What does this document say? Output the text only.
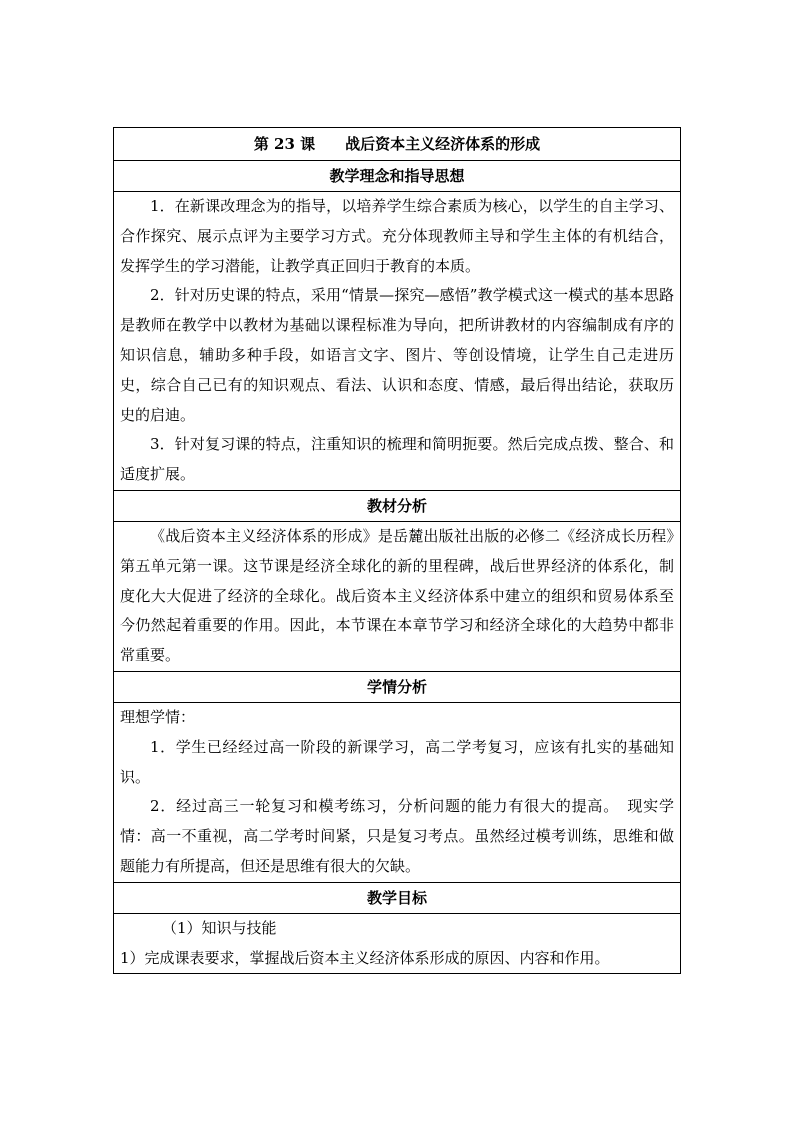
第 23 课 战后资本主义经济体系的形成
教学理念和指导思想

1．在新课改理念为的指导，以培养学生综合素质为核心，以学生的自主学习、合作探究、展示点评为主要学习方式。充分体现教师主导和学生主体的有机结合，发挥学生的学习潜能，让教学真正回归于教育的本质。

2．针对历史课的特点，采用“情景—探究—感悟”教学模式这一模式的基本思路是教师在教学中以教材为基础以课程标准为导向，把所讲教材的内容编制成有序的知识信息，辅助多种手段，如语言文字、图片、等创设情境，让学生自己走进历史，综合自己已有的知识观点、看法、认识和态度、情感，最后得出结论，获取历史的启迪。

3．针对复习课的特点，注重知识的梳理和简明扼要。然后完成点拨、整合、和适度扩展。

教材分析

《战后资本主义经济体系的形成》是岳麓出版社出版的必修二《经济成长历程》第五单元第一课。这节课是经济全球化的新的里程碑，战后世界经济的体系化，制度化大大促进了经济的全球化。战后资本主义经济体系中建立的组织和贸易体系至今仍然起着重要的作用。因此，本节课在本章节学习和经济全球化的大趋势中都非常重要。

学情分析

理想学情：

1．学生已经经过高一阶段的新课学习，高二学考复习，应该有扎实的基础知识。

2．经过高三一轮复习和模考练习，分析问题的能力有很大的提高。　现实学情：高一不重视，高二学考时间紧，只是复习考点。虽然经过模考训练，思维和做题能力有所提高，但还是思维有很大的欠缺。

教学目标

（1）知识与技能

1）完成课表要求，掌握战后资本主义经济体系形成的原因、内容和作用。
